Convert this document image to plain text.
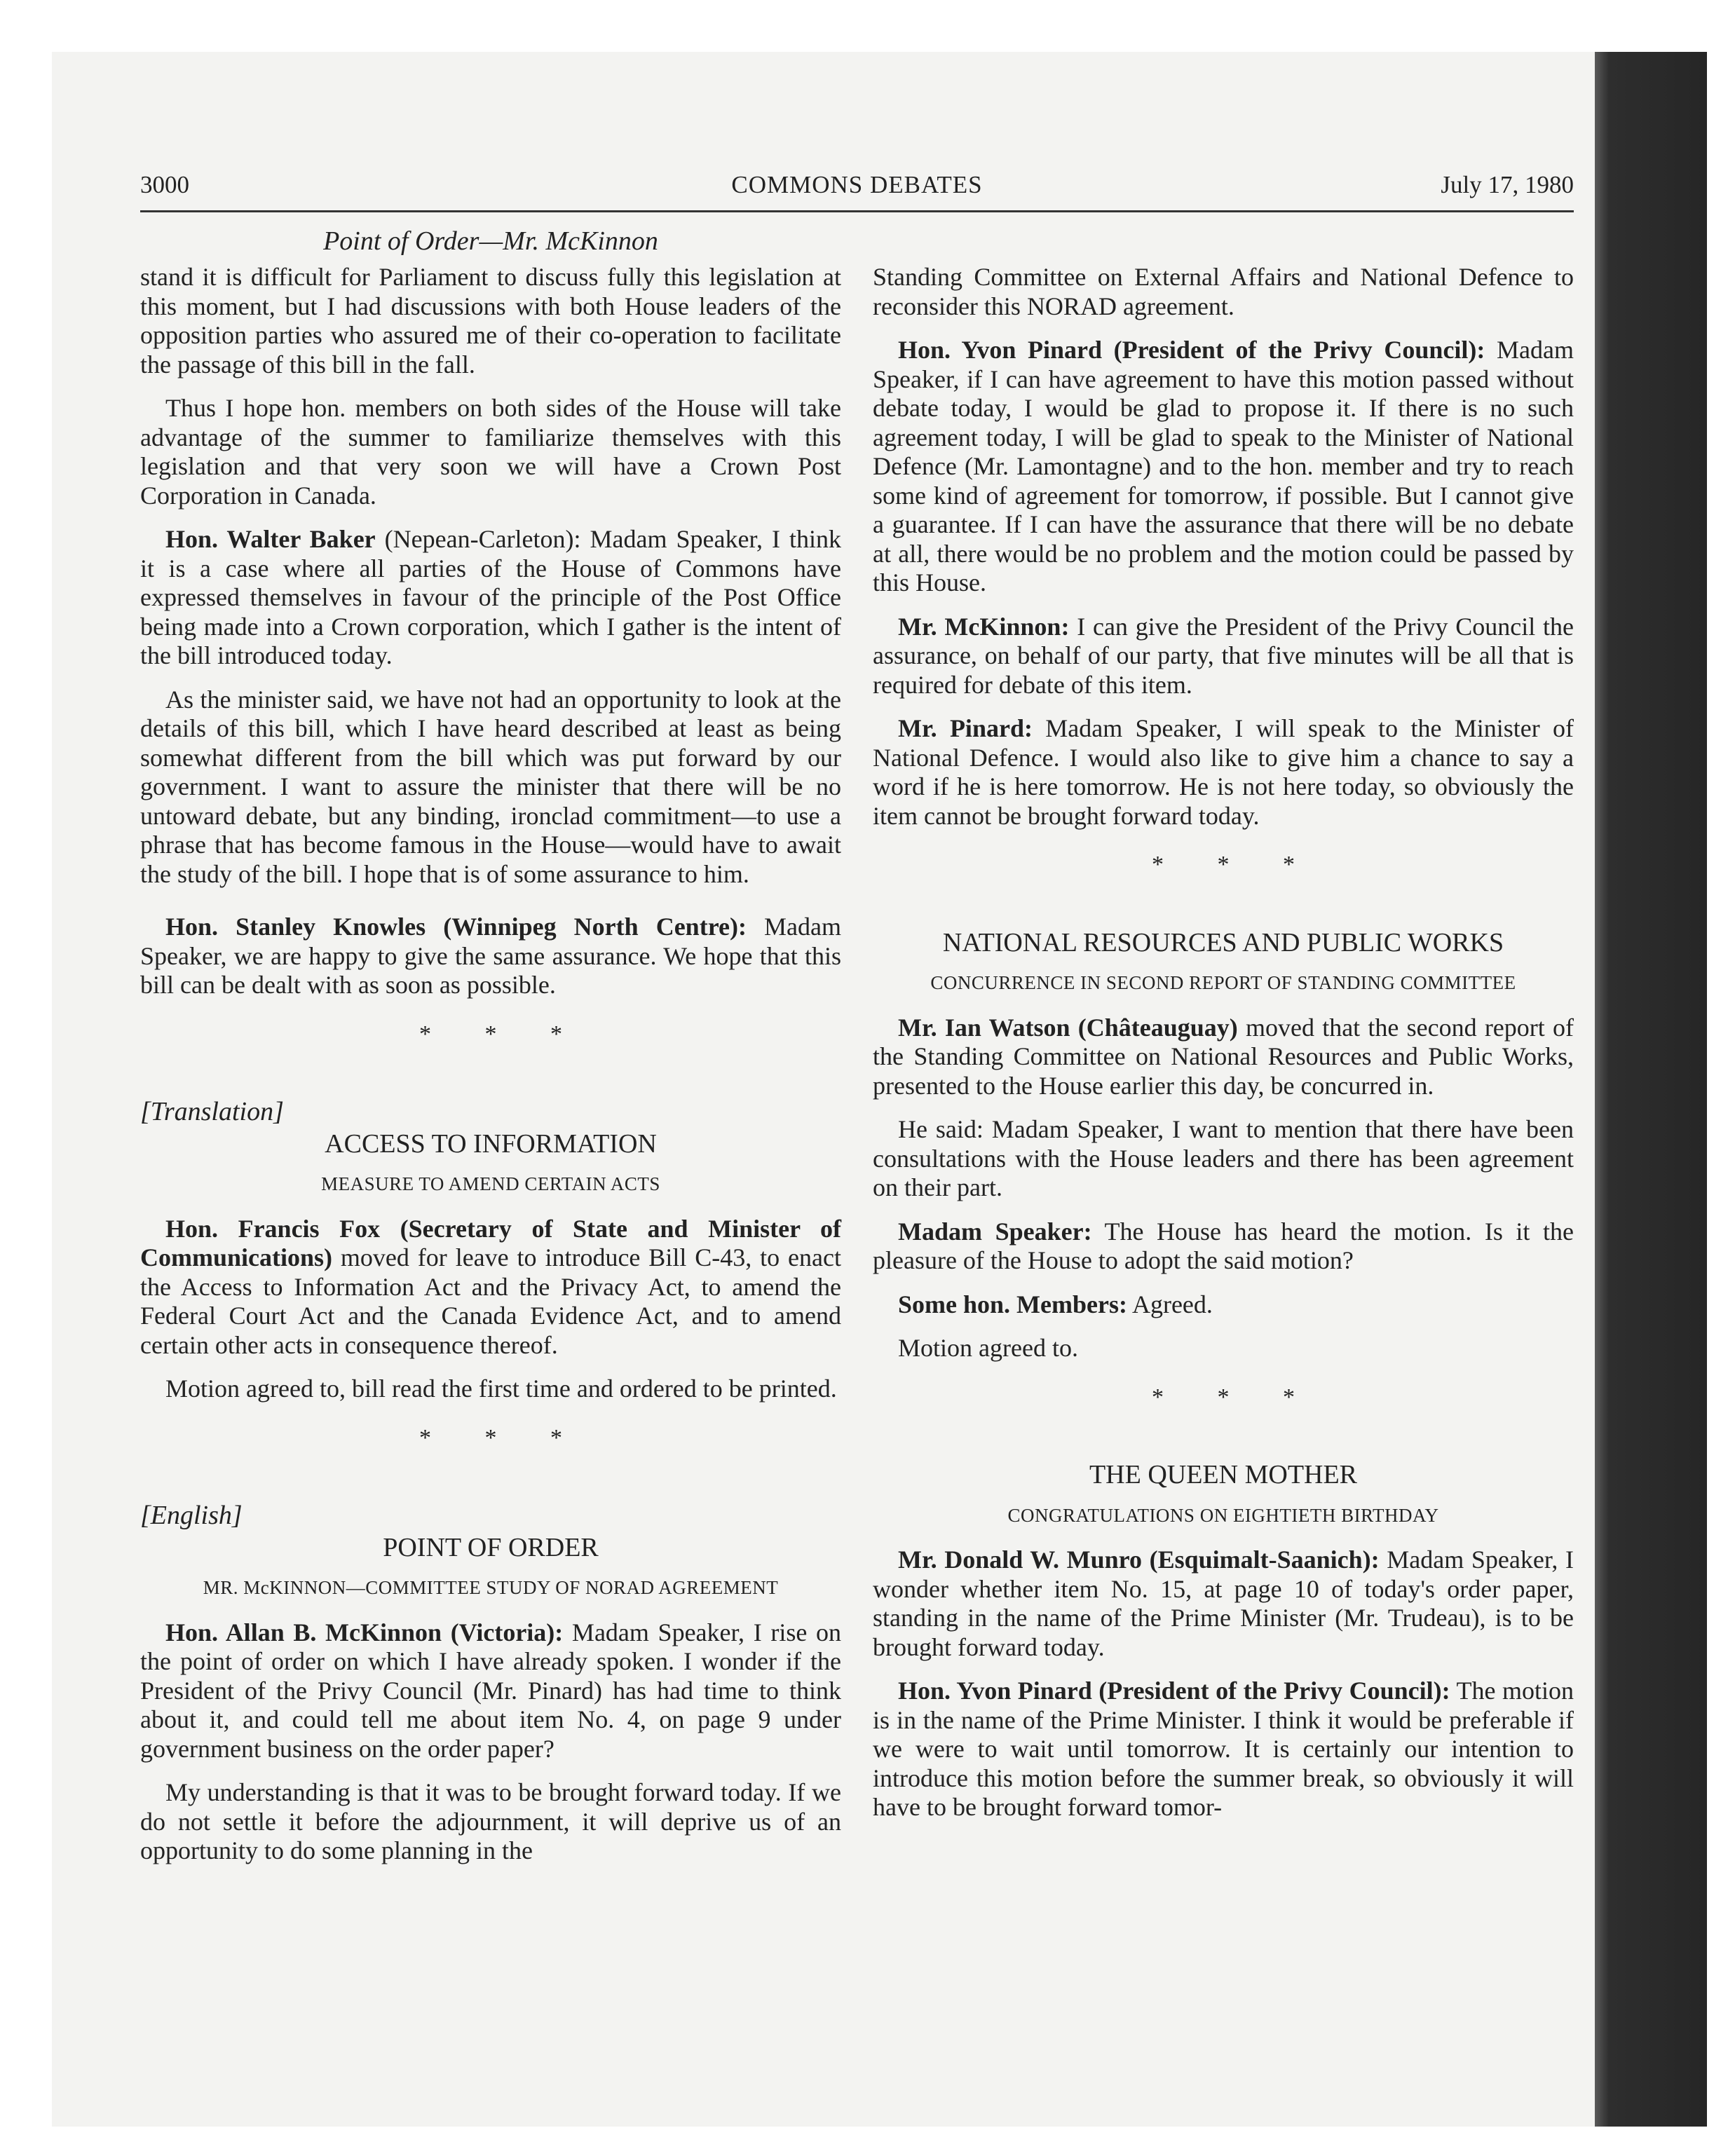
3000	COMMONS DEBATES	July 17, 1980
Point of Order—Mr. McKinnon

stand it is difficult for Parliament to discuss fully this legislation at this moment, but I had discussions with both House leaders of the opposition parties who assured me of their co-operation to facilitate the passage of this bill in the fall.

Thus I hope hon. members on both sides of the House will take advantage of the summer to familiarize themselves with this legislation and that very soon we will have a Crown Post Corporation in Canada.

Hon. Walter Baker (Nepean-Carleton): Madam Speaker, I think it is a case where all parties of the House of Commons have expressed themselves in favour of the principle of the Post Office being made into a Crown corporation, which I gather is the intent of the bill introduced today.

As the minister said, we have not had an opportunity to look at the details of this bill, which I have heard described at least as being somewhat different from the bill which was put forward by our government. I want to assure the minister that there will be no untoward debate, but any binding, ironclad commitment—to use a phrase that has become famous in the House—would have to await the study of the bill. I hope that is of some assurance to him.

Hon. Stanley Knowles (Winnipeg North Centre): Madam Speaker, we are happy to give the same assurance. We hope that this bill can be dealt with as soon as possible.

* * *
[Translation]
ACCESS TO INFORMATION
MEASURE TO AMEND CERTAIN ACTS

Hon. Francis Fox (Secretary of State and Minister of Communications) moved for leave to introduce Bill C-43, to enact the Access to Information Act and the Privacy Act, to amend the Federal Court Act and the Canada Evidence Act, and to amend certain other acts in consequence thereof.

Motion agreed to, bill read the first time and ordered to be printed.

* * *
[English]
POINT OF ORDER
MR. McKINNON—COMMITTEE STUDY OF NORAD AGREEMENT

Hon. Allan B. McKinnon (Victoria): Madam Speaker, I rise on the point of order on which I have already spoken. I wonder if the President of the Privy Council (Mr. Pinard) has had time to think about it, and could tell me about item No. 4, on page 9 under government business on the order paper?

My understanding is that it was to be brought forward today. If we do not settle it before the adjournment, it will deprive us of an opportunity to do some planning in the

Standing Committee on External Affairs and National Defence to reconsider this NORAD agreement.

Hon. Yvon Pinard (President of the Privy Council): Madam Speaker, if I can have agreement to have this motion passed without debate today, I would be glad to propose it. If there is no such agreement today, I will be glad to speak to the Minister of National Defence (Mr. Lamontagne) and to the hon. member and try to reach some kind of agreement for tomorrow, if possible. But I cannot give a guarantee. If I can have the assurance that there will be no debate at all, there would be no problem and the motion could be passed by this House.

Mr. McKinnon: I can give the President of the Privy Council the assurance, on behalf of our party, that five minutes will be all that is required for debate of this item.

Mr. Pinard: Madam Speaker, I will speak to the Minister of National Defence. I would also like to give him a chance to say a word if he is here tomorrow. He is not here today, so obviously the item cannot be brought forward today.

* * *
NATIONAL RESOURCES AND PUBLIC WORKS
CONCURRENCE IN SECOND REPORT OF STANDING COMMITTEE

Mr. Ian Watson (Châteauguay) moved that the second report of the Standing Committee on National Resources and Public Works, presented to the House earlier this day, be concurred in.

He said: Madam Speaker, I want to mention that there have been consultations with the House leaders and there has been agreement on their part.

Madam Speaker: The House has heard the motion. Is it the pleasure of the House to adopt the said motion?

Some hon. Members: Agreed.

Motion agreed to.

* * *
THE QUEEN MOTHER
CONGRATULATIONS ON EIGHTIETH BIRTHDAY

Mr. Donald W. Munro (Esquimalt-Saanich): Madam Speaker, I wonder whether item No. 15, at page 10 of today's order paper, standing in the name of the Prime Minister (Mr. Trudeau), is to be brought forward today.

Hon. Yvon Pinard (President of the Privy Council): The motion is in the name of the Prime Minister. I think it would be preferable if we were to wait until tomorrow. It is certainly our intention to introduce this motion before the summer break, so obviously it will have to be brought forward tomor-
